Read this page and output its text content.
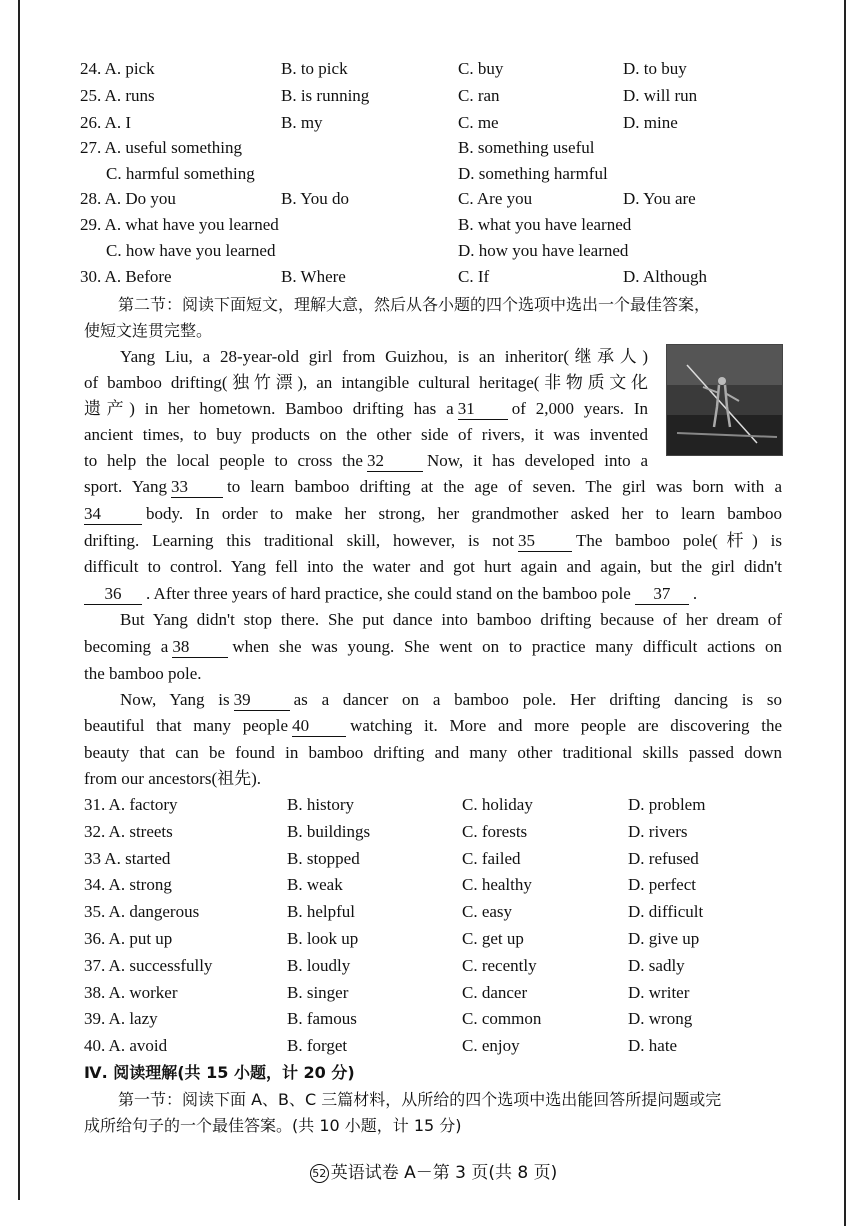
24. A. pick	B. to pick	C. buy	D. to buy
25. A. runs	B. is running	C. ran	D. will run
26. A. I	B. my	C. me	D. mine
27. A. useful something	B. something useful
C. harmful something	D. something harmful
28. A. Do you	B. You do	C. Are you	D. You are
29. A. what have you learned	B. what you have learned
C. how have you learned	D. how you have learned
30. A. Before	B. Where	C. If	D. Although
第二节：阅读下面短文，理解大意，然后从各小题的四个选项中选出一个最佳答案，
使短文连贯完整。
Yang Liu, a 28-year-old girl from Guizhou, is an inheritor(继承人)
of bamboo drifting(独竹漂), an intangible cultural heritage(非物质文化
遗产) in her hometown. Bamboo drifting has a 31 of 2,000 years. In
ancient times, to buy products on the other side of rivers, it was invented
to help the local people to cross the 32	Now, it has developed into a
sport. Yang 33 to learn bamboo drifting at the age of seven. The girl was born with a
34	body. In order to make her strong, her grandmother asked her to learn bamboo
drifting. Learning this traditional skill, however, is not 35 The bamboo pole(杆) is
difficult to control. Yang fell into the water and got hurt again and again, but the girl didn't
36 . After three years of hard practice, she could stand on the bamboo pole 37 .
But Yang didn't stop there. She put dance into bamboo drifting because of her dream of
becoming a 38	when she was young. She went on to practice many difficult actions on
the bamboo pole.
Now, Yang is 39	as a dancer on a bamboo pole. Her drifting dancing is so
beautiful that many people 40 watching it. More and more people are discovering the
beauty that can be found in bamboo drifting and many other traditional skills passed down
from our ancestors(祖先).
31. A. factory	B. history	C. holiday	D. problem
32. A. streets	B. buildings	C. forests	D. rivers
33 A. started	B. stopped	C. failed	D. refused
34. A. strong	B. weak	C. healthy	D. perfect
35. A. dangerous	B. helpful	C. easy	D. difficult
36. A. put up	B. look up	C. get up	D. give up
37. A. successfully	B. loudly	C. recently	D. sadly
38. A. worker	B. singer	C. dancer	D. writer
39. A. lazy	B. famous	C. common	D. wrong
40. A. avoid	B. forget	C. enjoy	D. hate
Ⅳ. 阅读理解(共 15 小题，计 20 分)
第一节：阅读下面 A、B、C 三篇材料，从所给的四个选项中选出能回答所提问题或完
成所给句子的一个最佳答案。(共 10 小题，计 15 分)
52 英语试卷 A－第 3 页(共 8 页)
